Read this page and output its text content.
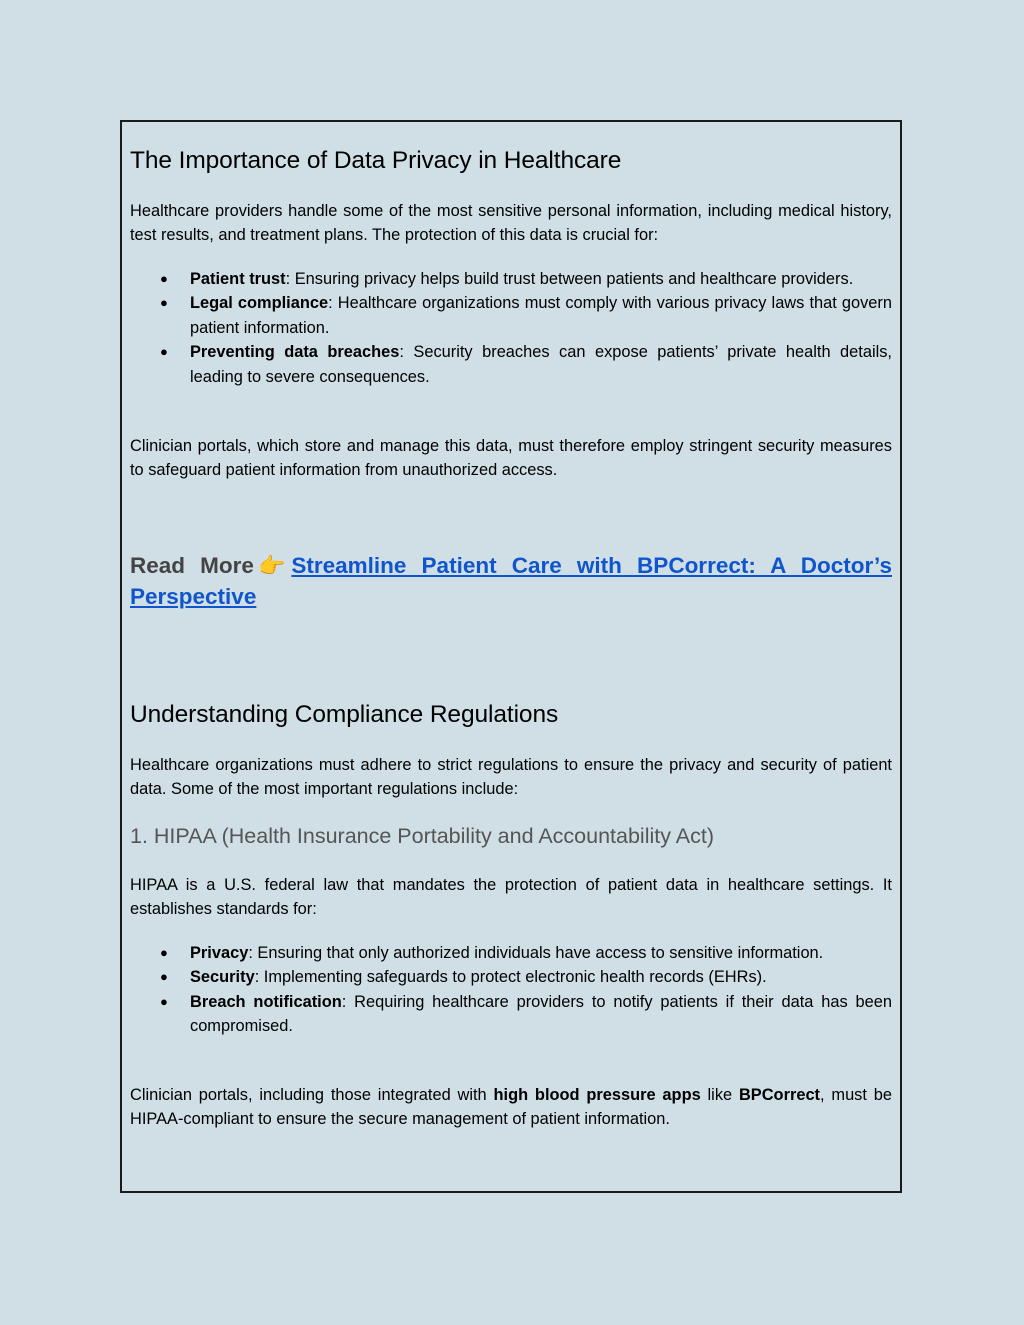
The Importance of Data Privacy in Healthcare

Healthcare providers handle some of the most sensitive personal information, including medical history, test results, and treatment plans. The protection of this data is crucial for:

● Patient trust: Ensuring privacy helps build trust between patients and healthcare providers.
● Legal compliance: Healthcare organizations must comply with various privacy laws that govern patient information.
● Preventing data breaches: Security breaches can expose patients’ private health details, leading to severe consequences.

Clinician portals, which store and manage this data, must therefore employ stringent security measures to safeguard patient information from unauthorized access.

Read More 👉 Streamline Patient Care with BPCorrect: A Doctor’s Perspective
Understanding Compliance Regulations

Healthcare organizations must adhere to strict regulations to ensure the privacy and security of patient data. Some of the most important regulations include:

1. HIPAA (Health Insurance Portability and Accountability Act)

HIPAA is a U.S. federal law that mandates the protection of patient data in healthcare settings. It establishes standards for:

● Privacy: Ensuring that only authorized individuals have access to sensitive information.
● Security: Implementing safeguards to protect electronic health records (EHRs).
● Breach notification: Requiring healthcare providers to notify patients if their data has been compromised.

Clinician portals, including those integrated with high blood pressure apps like BPCorrect, must be HIPAA-compliant to ensure the secure management of patient information.
